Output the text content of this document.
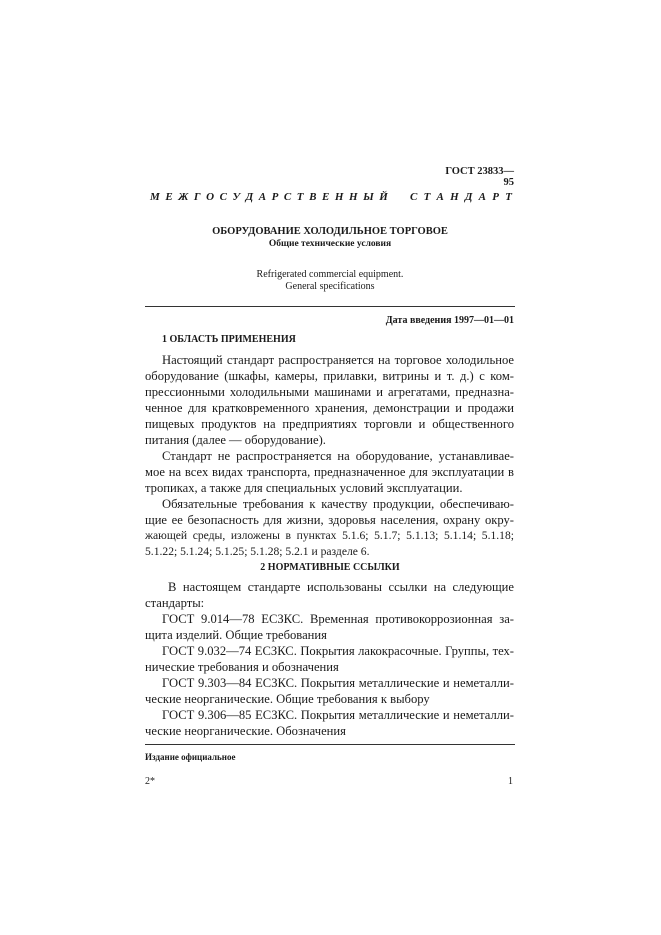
ГОСТ 23833—95
М Е Ж Г О С У Д А Р С Т В Е Н Н Ы Й С Т А Н Д А Р Т
ОБОРУДОВАНИЕ ХОЛОДИЛЬНОЕ ТОРГОВОЕ
Общие технические условия
Refrigerated commercial equipment.
General specifications
Дата введения 1997—01—01
1 ОБЛАСТЬ ПРИМЕНЕНИЯ
Настоящий стандарт распространяется на торговое холодильное
оборудование (шкафы, камеры, прилавки, витрины и т. д.) с ком-
прессионными холодильными машинами и агрегатами, предназна-
ченное для кратковременного хранения, демонстрации и продажи
пищевых продуктов на предприятиях торговли и общественного
питания (далее — оборудование).
Стандарт не распространяется на оборудование, устанавливае-
мое на всех видах транспорта, предназначенное для эксплуатации в
тропиках, а также для специальных условий эксплуатации.
Обязательные требования к качеству продукции, обеспечиваю-
щие ее безопасность для жизни, здоровья населения, охрану окру-
жающей среды, изложены в пунктах 5.1.6; 5.1.7; 5.1.13; 5.1.14; 5.1.18;
5.1.22; 5.1.24; 5.1.25; 5.1.28; 5.2.1 и разделе 6.
2 НОРМАТИВНЫЕ ССЫЛКИ
В настоящем стандарте использованы ссылки на следующие
стандарты:
ГОСТ 9.014—78 ЕСЗКС. Временная противокоррозионная за-
щита изделий. Общие требования
ГОСТ 9.032—74 ЕСЗКС. Покрытия лакокрасочные. Группы, тех-
нические требования и обозначения
ГОСТ 9.303—84 ЕСЗКС. Покрытия металлические и неметалли-
ческие неорганические. Общие требования к выбору
ГОСТ 9.306—85 ЕСЗКС. Покрытия металлические и неметалли-
ческие неорганические. Обозначения
Издание официальное
2*	1
